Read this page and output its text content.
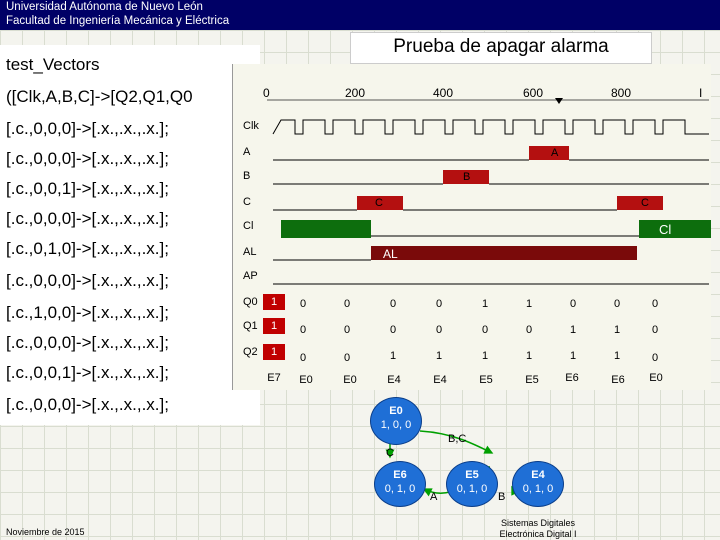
Universidad Autónoma de Nuevo León
Facultad de Ingeniería Mecánica y Eléctrica
Prueba de apagar alarma
test_Vectors
([Clk,A,B,C]->[Q2,Q1,Q0
[.c.,0,0,0]->[.x.,.x.,.x.];
[.c.,0,0,0]->[.x.,.x.,.x.];
[.c.,0,0,1]->[.x.,.x.,.x.];
[.c.,0,0,0]->[.x.,.x.,.x.];
[.c.,0,1,0]->[.x.,.x.,.x.];
[.c.,0,0,0]->[.x.,.x.,.x.];
[.c.,1,0,0]->[.x.,.x.,.x.];
[.c.,0,0,0]->[.x.,.x.,.x.];
[.c.,0,0,1]->[.x.,.x.,.x.];
[.c.,0,0,0]->[.x.,.x.,.x.];
0	200	400	600	800	I
Clk
A
B
C
Cl
AL
AP
Q0
Q1
Q2
A
B
C	C
Cl
AL
1	0	0	0	0	1	1	0	0	0
1	0	0	0	0	0	0	1	1	0
1	0	0	1	1	1	1	1	1	0
E7	E0	E0	E4	E4	E5	E5	E6	E6	E0
E0
1, 0, 0
E6
0, 1, 0
E5
0, 1, 0
E4
0, 1, 0
B,C
C
A	B
Noviembre de 2015
Sistemas Digitales
Electrónica Digital I
